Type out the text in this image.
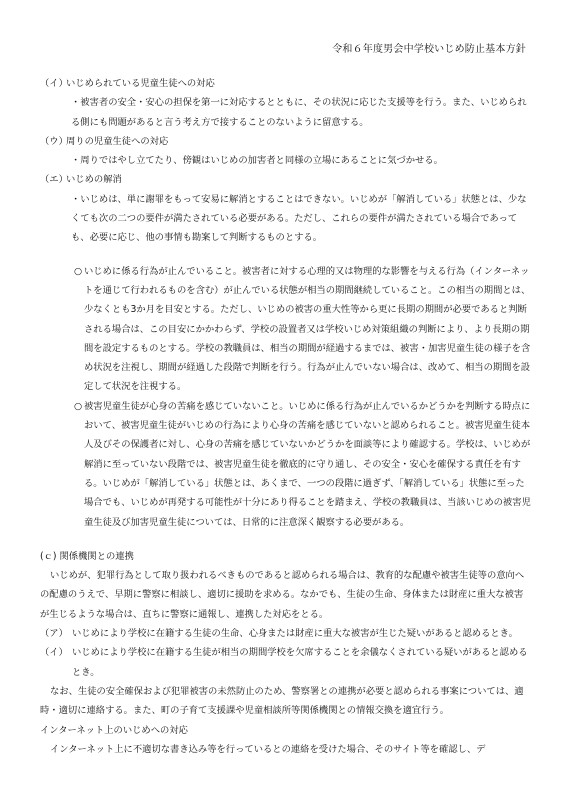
令和６年度男会中学校いじめ防止基本方針
（イ）
いじめられている児童生徒への対応
・被害者の安全・安心の担保を第一に対応するとともに、その状況に応じた支援等を行う。また、いじめられる側にも問題があると言う考え方で接することのないように留意する。
（ウ）
周りの児童生徒への対応
・周りではやし立てたり、傍観はいじめの加害者と同様の立場にあることに気づかせる。
（エ）
いじめの解消
・いじめは、単に謝罪をもって安易に解消とすることはできない。いじめが「解消している」状態とは、少なくても次の二つの要件が満たされている必要がある。ただし、これらの要件が満たされている場合であっても、必要に応じ、他の事情も勘案して判断するものとする。
○ いじめに係る行為が止んでいること。被害者に対する心理的又は物理的な影響を与える行為（インターネットを通じて行われるものを含む）が止んでいる状態が相当の期間継続していること。この相当の期間とは、少なくとも3か月を目安とする。ただし、いじめの被害の重大性等から更に長期の期間が必要であると判断される場合は、この目安にかかわらず、学校の設置者又は学校いじめ対策組織の判断により、より長期の期間を設定するものとする。学校の教職員は、相当の期間が経過するまでは、被害・加害児童生徒の様子を含め状況を注視し、期間が経過した段階で判断を行う。行為が止んでいない場合は、改めて、相当の期間を設定して状況を注視する。
○ 被害児童生徒が心身の苦痛を感じていないこと。いじめに係る行為が止んでいるかどうかを判断する時点において、被害児童生徒がいじめの行為により心身の苦痛を感じていないと認められること。被害児童生徒本人及びその保護者に対し、心身の苦痛を感じていないかどうかを面談等により確認する。学校は、いじめが解消に至っていない段階では、被害児童生徒を徹底的に守り通し、その安全・安心を確保する責任を有する。いじめが「解消している」状態とは、あくまで、一つの段階に過ぎず、「解消している」状態に至った場合でも、いじめが再発する可能性が十分にあり得ることを踏まえ、学校の教職員は、当該いじめの被害児童生徒及び加害児童生徒については、日常的に注意深く観察する必要がある。
(ｃ) 関係機関との連携
いじめが、犯罪行為として取り扱われるべきものであると認められる場合は、教育的な配慮や被害生徒等の意向への配慮のうえで、早期に警察に相談し、適切に援助を求める。なかでも、生徒の生命、身体または財産に重大な被害が生じるような場合は、直ちに警察に通報し、連携した対応をとる。
（ア） いじめにより学校に在籍する生徒の生命、心身または財産に重大な被害が生じた疑いがあると認めるとき。
（イ） いじめにより学校に在籍する生徒が相当の期間学校を欠席することを余儀なくされている疑いがあると認めるとき。
なお、生徒の安全確保および犯罪被害の未然防止のため、警察署との連携が必要と認められる事案については、適時・適切に連絡する。また、町の子育て支援課や児童相談所等関係機関との情報交換を適宜行う。
インターネット上のいじめへの対応
インターネット上に不適切な書き込み等を行っているとの連絡を受けた場合、そのサイト等を確認し、デ
